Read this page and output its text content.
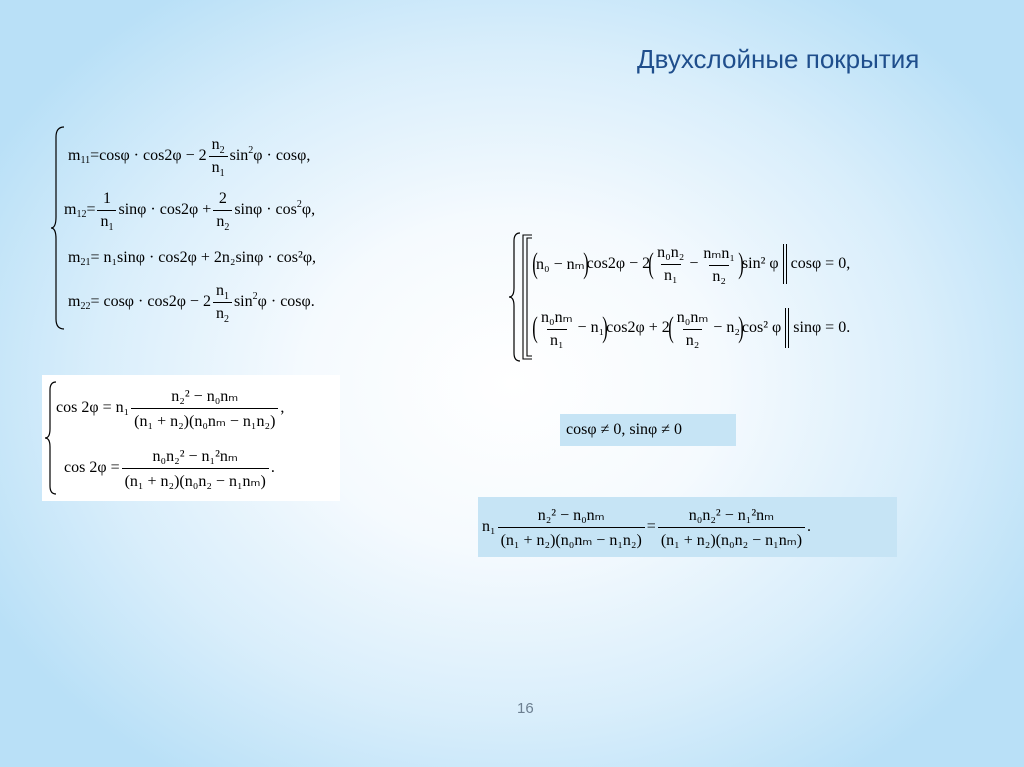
Двухслойные покрытия
m $11 =\cos\varphi \cdot \cos 2\varphi - 2 \frac{n_2}{n_1}$ sin 2 φ · cosφ,
m $12 = \frac{1}{n_1}$ $\sin\varphi \cdot \cos 2\varphi + \frac{2}{n_2}$ sinφ · cos 2 φ,
m 21 = n₁sinφ · cos2φ + 2n₂sinφ · cos²φ,
m $22 = \cos\varphi \cdot \cos 2\varphi - 2 \frac{n_1}{n_2}$ sin 2 φ · cosφ.
$\cos 2\varphi = n_1 \frac{\text{n₂² − n₀nₘ}}{\text{(n₁ + n₂)(n₀nₘ − n₁n₂)}}$ ,
$\cos 2\varphi = \frac{\text{n₀n₂² − n₁²nₘ}}{\text{(n₁ + n₂)(n₀n₂ − n₁nₘ)}}$ .
(
n₀ − nₘ
)
cos2φ − 2
( $\frac{\text{n₀n₂}}{\text{n₁}} - \frac{\text{nₘn₁}}{\text{n₂}}$ )
sin² φ cosφ = 0,
( $\frac{\text{n₀nₘ}}{\text{n₁}} - n_1$
)
cos2φ + 2
( $\frac{\text{n₀nₘ}}{\text{n₂}} - n_2$
)
cos² φ sinφ = 0.
cosφ ≠ 0, sinφ ≠ 0
$n_1 \frac{\text{n₂² − n₀nₘ}}{\text{(n₁ + n₂)(n₀nₘ − n₁n₂)}} = \frac{\text{n₀n₂² − n₁²nₘ}}{\text{(n₁ + n₂)(n₀n₂ − n₁nₘ)}}$ .
16
